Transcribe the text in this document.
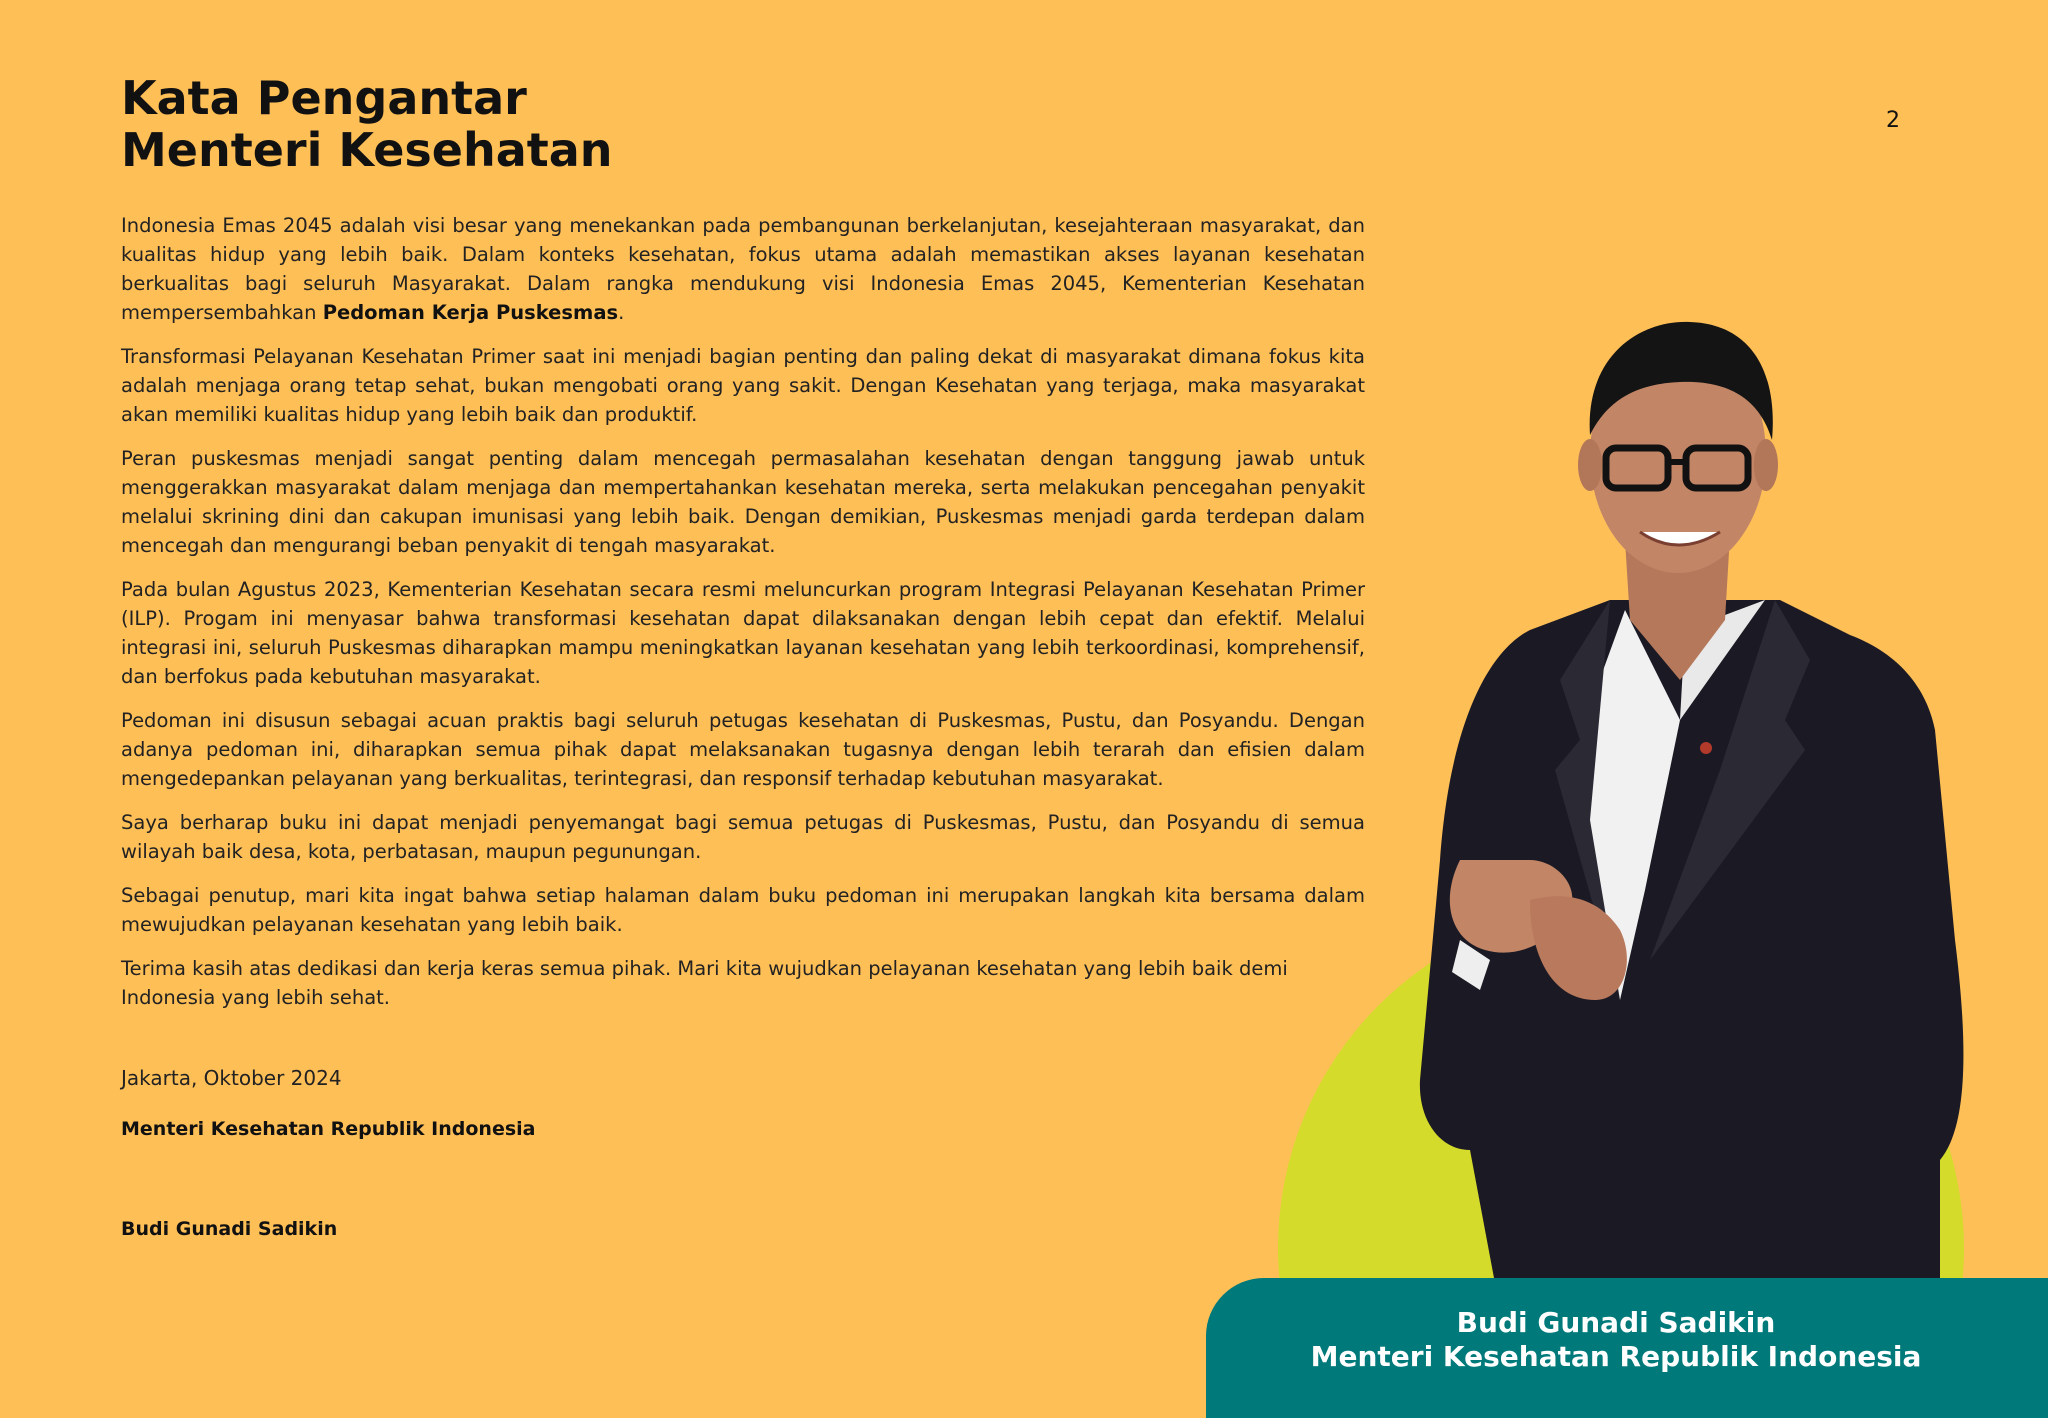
Kata Pengantar
Menteri Kesehatan
2

Indonesia Emas 2045 adalah visi besar yang menekankan pada pembangunan berkelanjutan, kesejahteraan masyarakat, dan kualitas hidup yang lebih baik. Dalam konteks kesehatan, fokus utama adalah memastikan akses layanan kesehatan berkualitas bagi seluruh Masyarakat. Dalam rangka mendukung visi Indonesia Emas 2045, Kementerian Kesehatan mempersembahkan Pedoman Kerja Puskesmas.

Transformasi Pelayanan Kesehatan Primer saat ini menjadi bagian penting dan paling dekat di masyarakat dimana fokus kita adalah menjaga orang tetap sehat, bukan mengobati orang yang sakit. Dengan Kesehatan yang terjaga, maka masyarakat akan memiliki kualitas hidup yang lebih baik dan produktif.

Peran puskesmas menjadi sangat penting dalam mencegah permasalahan kesehatan dengan tanggung jawab untuk menggerakkan masyarakat dalam menjaga dan mempertahankan kesehatan mereka, serta melakukan pencegahan penyakit melalui skrining dini dan cakupan imunisasi yang lebih baik. Dengan demikian, Puskesmas menjadi garda terdepan dalam mencegah dan mengurangi beban penyakit di tengah masyarakat.

Pada bulan Agustus 2023, Kementerian Kesehatan secara resmi meluncurkan program Integrasi Pelayanan Kesehatan Primer (ILP). Progam ini menyasar bahwa transformasi kesehatan dapat dilaksanakan dengan lebih cepat dan efektif. Melalui integrasi ini, seluruh Puskesmas diharapkan mampu meningkatkan layanan kesehatan yang lebih terkoordinasi, komprehensif, dan berfokus pada kebutuhan masyarakat.

Pedoman ini disusun sebagai acuan praktis bagi seluruh petugas kesehatan di Puskesmas, Pustu, dan Posyandu. Dengan adanya pedoman ini, diharapkan semua pihak dapat melaksanakan tugasnya dengan lebih terarah dan efisien dalam mengedepankan pelayanan yang berkualitas, terintegrasi, dan responsif terhadap kebutuhan masyarakat.

Saya berharap buku ini dapat menjadi penyemangat bagi semua petugas di Puskesmas, Pustu, dan Posyandu di semua wilayah baik desa, kota, perbatasan, maupun pegunungan.

Sebagai penutup, mari kita ingat bahwa setiap halaman dalam buku pedoman ini merupakan langkah kita bersama dalam mewujudkan pelayanan kesehatan yang lebih baik.

Terima kasih atas dedikasi dan kerja keras semua pihak. Mari kita wujudkan pelayanan kesehatan yang lebih baik demi Indonesia yang lebih sehat.

Jakarta, Oktober 2024
Menteri Kesehatan Republik Indonesia
Budi Gunadi Sadikin
Budi Gunadi Sadikin
Menteri Kesehatan Republik Indonesia
